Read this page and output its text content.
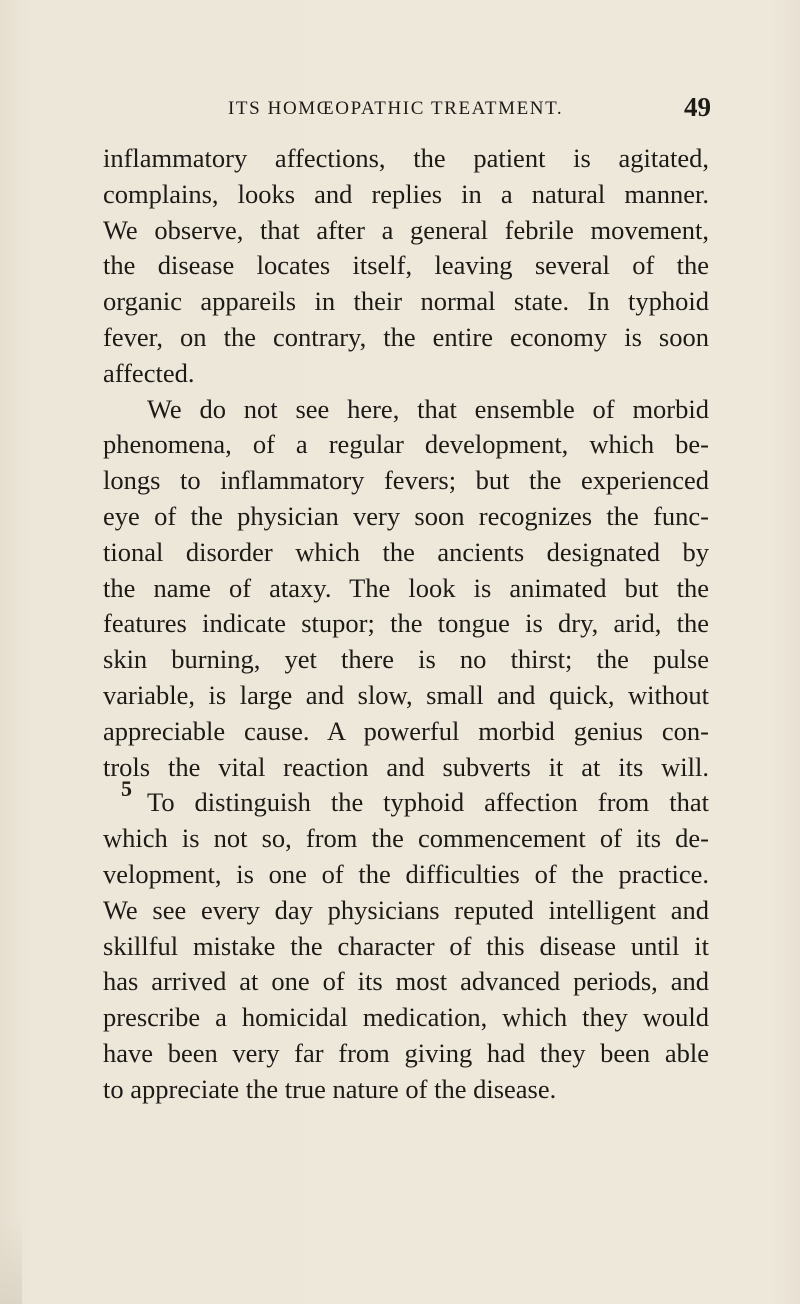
ITS HOMŒOPATHIC TREATMENT.	49
inflammatory affections, the patient is agitated,
complains, looks and replies in a natural manner.
We observe, that after a general febrile movement,
the disease locates itself, leaving several of the
organic appareils in their normal state. In typhoid
fever, on the contrary, the entire economy is soon
affected.
We do not see here, that ensemble of morbid
phenomena, of a regular development, which be-
longs to inflammatory fevers; but the experienced
eye of the physician very soon recognizes the func-
tional disorder which the ancients designated by
the name of ataxy. The look is animated but the
features indicate stupor; the tongue is dry, arid, the
skin burning, yet there is no thirst; the pulse
variable, is large and slow, small and quick, without
appreciable cause. A powerful morbid genius con-
trols the vital reaction and subverts it at its will.
To distinguish the typhoid affection from that
which is not so, from the commencement of its de-
velopment, is one of the difficulties of the practice.
We see every day physicians reputed intelligent and
skillful mistake the character of this disease until it
has arrived at one of its most advanced periods, and
prescribe a homicidal medication, which they would
have been very far from giving had they been able
to appreciate the true nature of the disease.
5
